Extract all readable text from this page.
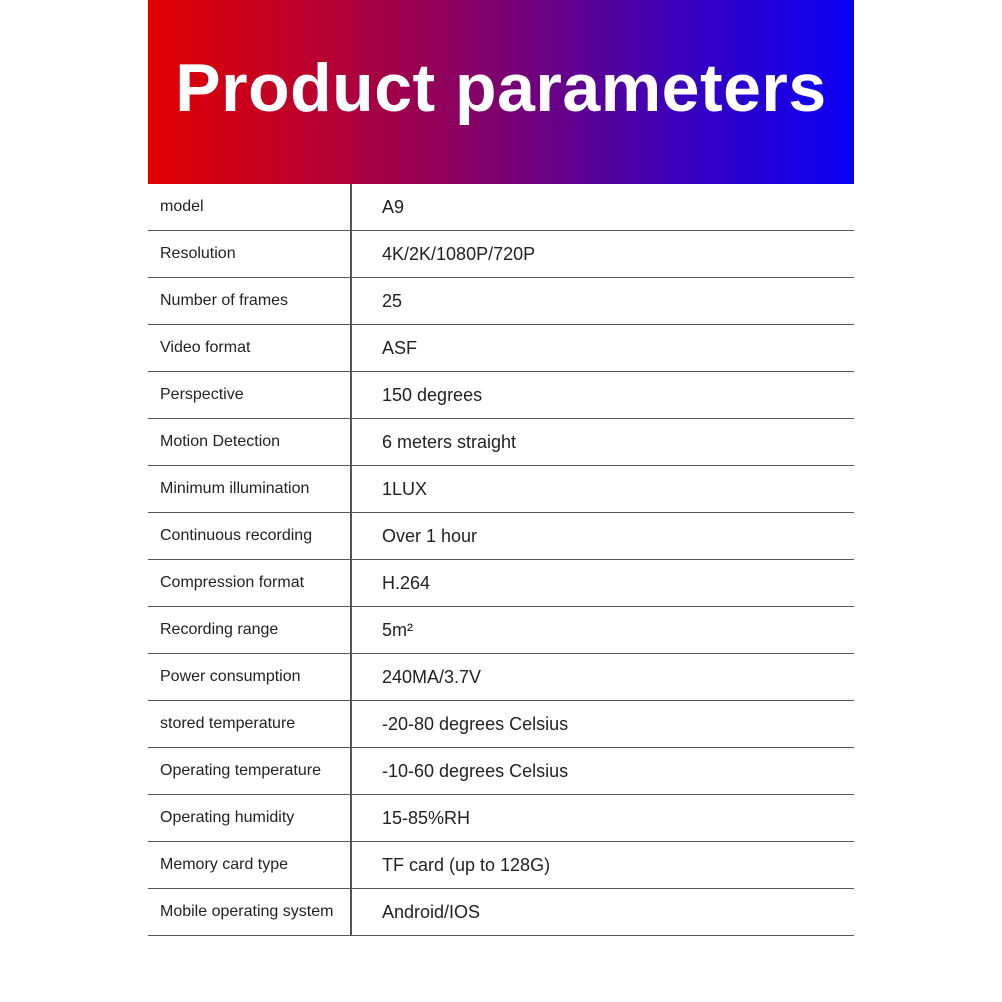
Product parameters
model	A9
Resolution	4K/2K/1080P/720P
Number of frames	25
Video format	ASF
Perspective	150 degrees
Motion Detection	6 meters straight
Minimum illumination	1LUX
Continuous recording	Over 1 hour
Compression format	H.264
Recording range	5m²
Power consumption	240MA/3.7V
stored temperature	-20-80 degrees Celsius
Operating temperature	-10-60 degrees Celsius
Operating humidity	15-85%RH
Memory card type	TF card (up to 128G)
Mobile operating system	Android/IOS
